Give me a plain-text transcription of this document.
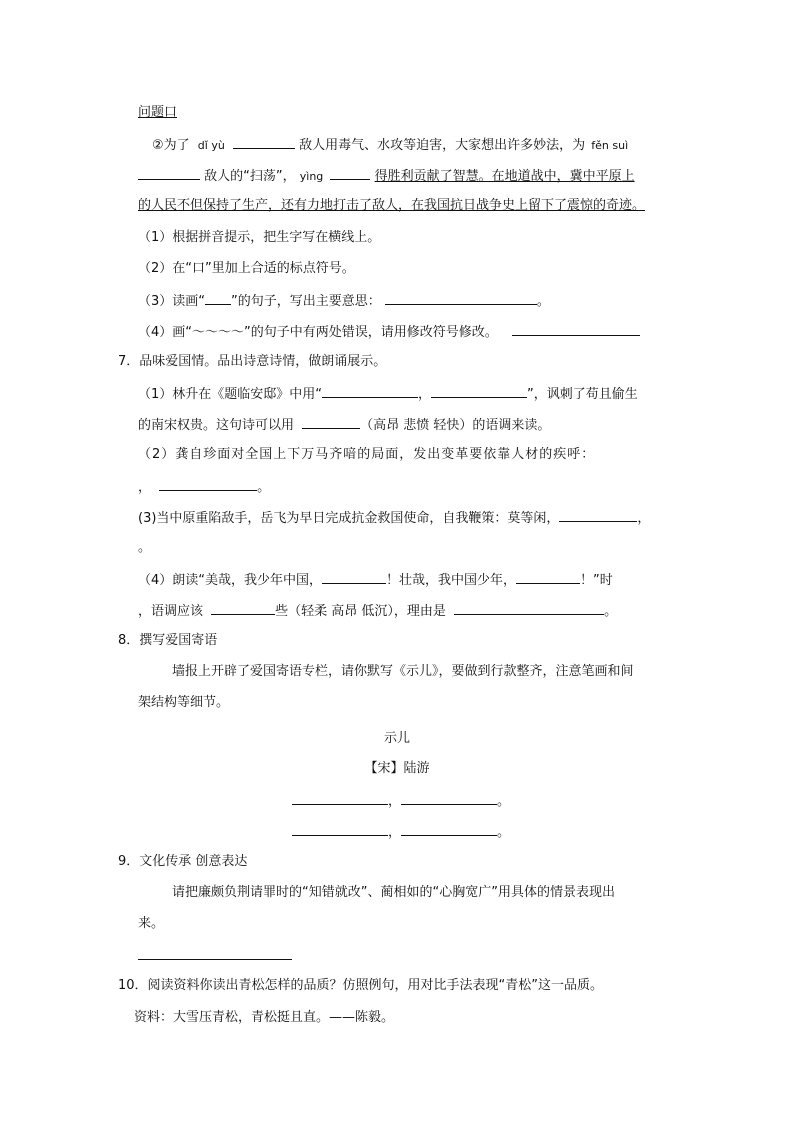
问题口
②为了 dǐ yù	敌人用毒气、水攻等迫害，大家想出许多妙法，为 fěn suì
敌人的“扫荡”， yìng	得胜利贡献了智慧。在地道战中，冀中平原上
的人民不但保持了生产，还有力地打击了敌人，在我国抗日战争史上留下了震惊的奇迹。
（1）根据拼音提示，把生字写在横线上。
（2）在“口”里加上合适的标点符号。
（3）读画“ ”的句子，写出主要意思：	。
（4）画“～～～～”的句子中有两处错误，请用修改符号修改。
7．品味爱国情。品出诗意诗情，做朗诵展示。
（1）林升在《题临安邸》中用“	，	”，讽刺了苟且偷生
的南宋权贵。这句诗可以用	（高昂 悲愤 轻快）的语调来读。
（2）龚自珍面对全国上下万马齐喑的局面，发出变革要依靠人材的疾呼：
，	。
(3)当中原重陷敌手，岳飞为早日完成抗金救国使命，自我鞭策：莫等闲，	，
。
（4）朗读“美哉，我少年中国，	！壮哉，我中国少年，	！”时
，语调应该	些（轻柔 高昂 低沉），理由是	。
8．撰写爱国寄语
墙报上开辟了爱国寄语专栏，请你默写《示儿》，要做到行款整齐，注意笔画和间
架结构等细节。
示儿
【宋】陆游
，	。
，	。
9．文化传承 创意表达
请把廉颇负荆请罪时的“知错就改”、蔺相如的“心胸宽广”用具体的情景表现出
来。
10．阅读资料你读出青松怎样的品质？仿照例句，用对比手法表现“青松”这一品质。
资料：大雪压青松，青松挺且直。——陈毅。
